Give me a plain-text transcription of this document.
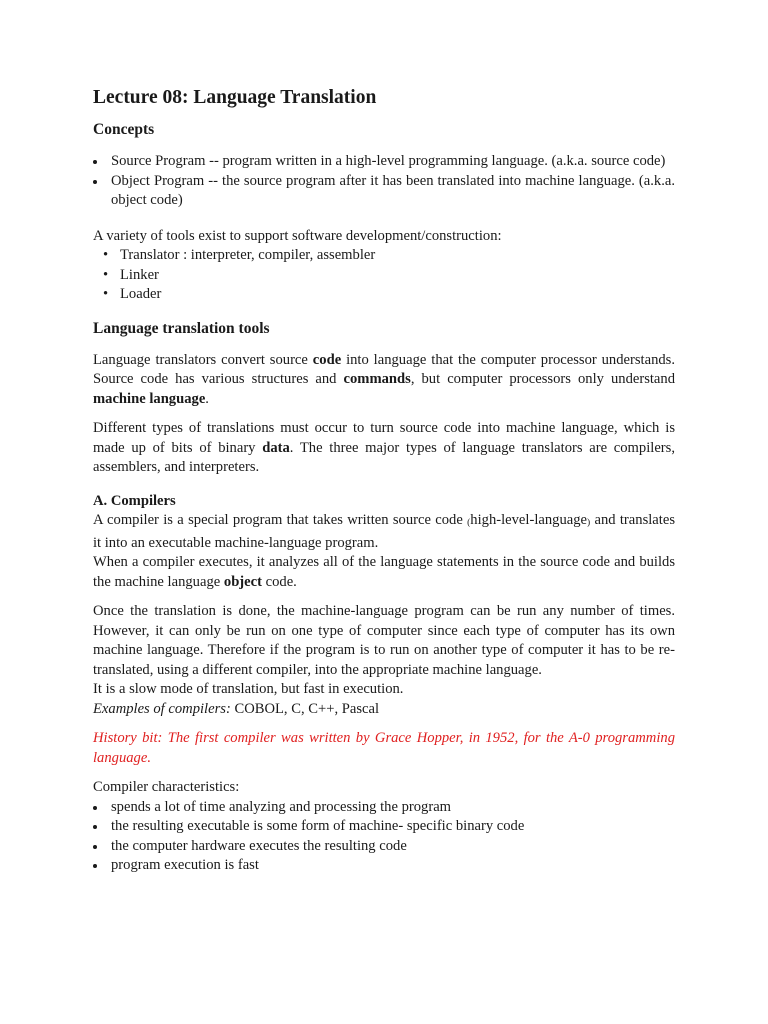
Lecture 08: Language Translation
Concepts
Source Program -- program written in a high-level programming language. (a.k.a. source code)
Object Program -- the source program after it has been translated into machine language. (a.k.a. object code)

A variety of tools exist to support software development/construction:

• Translator : interpreter, compiler, assembler
• Linker
• Loader
Language translation tools

Language translators convert source code into language that the computer processor understands. Source code has various structures and commands, but computer processors only understand machine language.

Different types of translations must occur to turn source code into machine language, which is made up of bits of binary data. The three major types of language translators are compilers, assemblers, and interpreters.

A. Compilers

A compiler is a special program that takes written source code (high-level-language) and translates it into an executable machine-language program.

When a compiler executes, it analyzes all of the language statements in the source code and builds the machine language object code.

Once the translation is done, the machine-language program can be run any number of times. However, it can only be run on one type of computer since each type of computer has its own machine language. Therefore if the program is to run on another type of computer it has to be re-translated, using a different compiler, into the appropriate machine language.

It is a slow mode of translation, but fast in execution.

Examples of compilers: COBOL, C, C++, Pascal

History bit: The first compiler was written by Grace Hopper, in 1952, for the A-0 programming language.

Compiler characteristics:

spends a lot of time analyzing and processing the program
the resulting executable is some form of machine- specific binary code
the computer hardware executes the resulting code
program execution is fast
